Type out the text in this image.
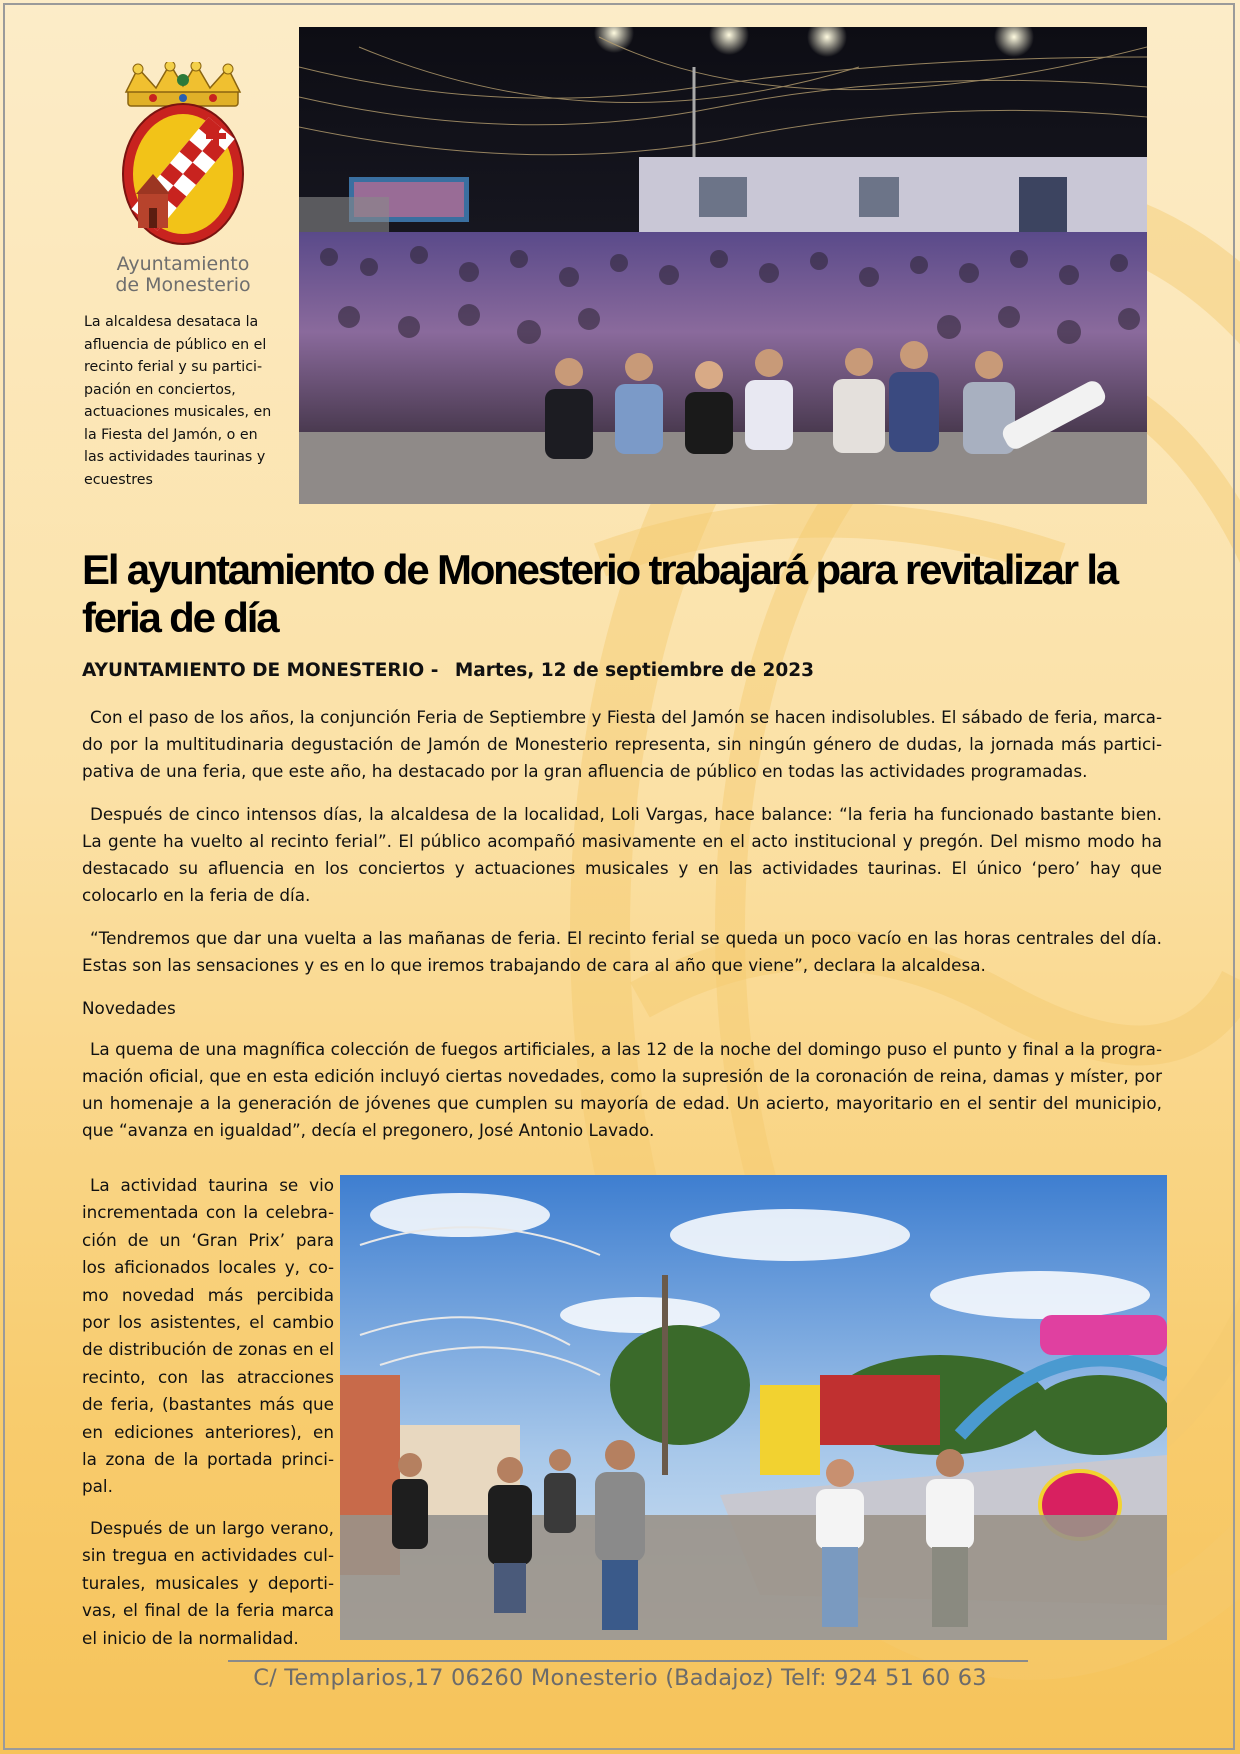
Ayuntamiento
de Monesterio
La alcaldesa desataca la afluencia de público en el recinto ferial y su participación en conciertos, actuaciones musicales, en la Fiesta del Jamón, o en las actividades taurinas y ecuestres
El ayuntamiento de Monesterio trabajará para revitalizar la feria de día

AYUNTAMIENTO DE MONESTERIO - Martes, 12 de septiembre de 2023

Con el paso de los años, la conjunción Feria de Septiembre y Fiesta del Jamón se hacen indisolubles. El sábado de feria, marcado por la multitudinaria degustación de Jamón de Monesterio representa, sin ningún género de dudas, la jornada más participativa de una feria, que este año, ha destacado por la gran afluencia de público en todas las actividades programadas.

Después de cinco intensos días, la alcaldesa de la localidad, Loli Vargas, hace balance: “la feria ha funcionado bastante bien. La gente ha vuelto al recinto ferial”. El público acompañó masivamente en el acto institucional y pregón. Del mismo modo ha destacado su afluencia en los conciertos y actuaciones musicales y en las actividades taurinas. El único ‘pero’ hay que colocarlo en la feria de día.

“Tendremos que dar una vuelta a las mañanas de feria. El recinto ferial se queda un poco vacío en las horas centrales del día. Estas son las sensaciones y es en lo que iremos trabajando de cara al año que viene”, declara la alcaldesa.

Novedades

La quema de una magnífica colección de fuegos artificiales, a las 12 de la noche del domingo puso el punto y final a la programación oficial, que en esta edición incluyó ciertas novedades, como la supresión de la coronación de reina, damas y míster, por un homenaje a la generación de jóvenes que cumplen su mayoría de edad. Un acierto, mayoritario en el sentir del municipio, que “avanza en igualdad”, decía el pregonero, José Antonio Lavado.

La actividad taurina se vio incrementada con la celebración de un ‘Gran Prix’ para los aficionados locales y, como novedad más percibida por los asistentes, el cambio de distribución de zonas en el recinto, con las atracciones de feria, (bastantes más que en ediciones anteriores), en la zona de la portada principal.

Después de un largo verano, sin tregua en actividades culturales, musicales y deportivas, el final de la feria marca el inicio de la normalidad.

C/ Templarios,17 06260 Monesterio (Badajoz) Telf: 924 51 60 63
